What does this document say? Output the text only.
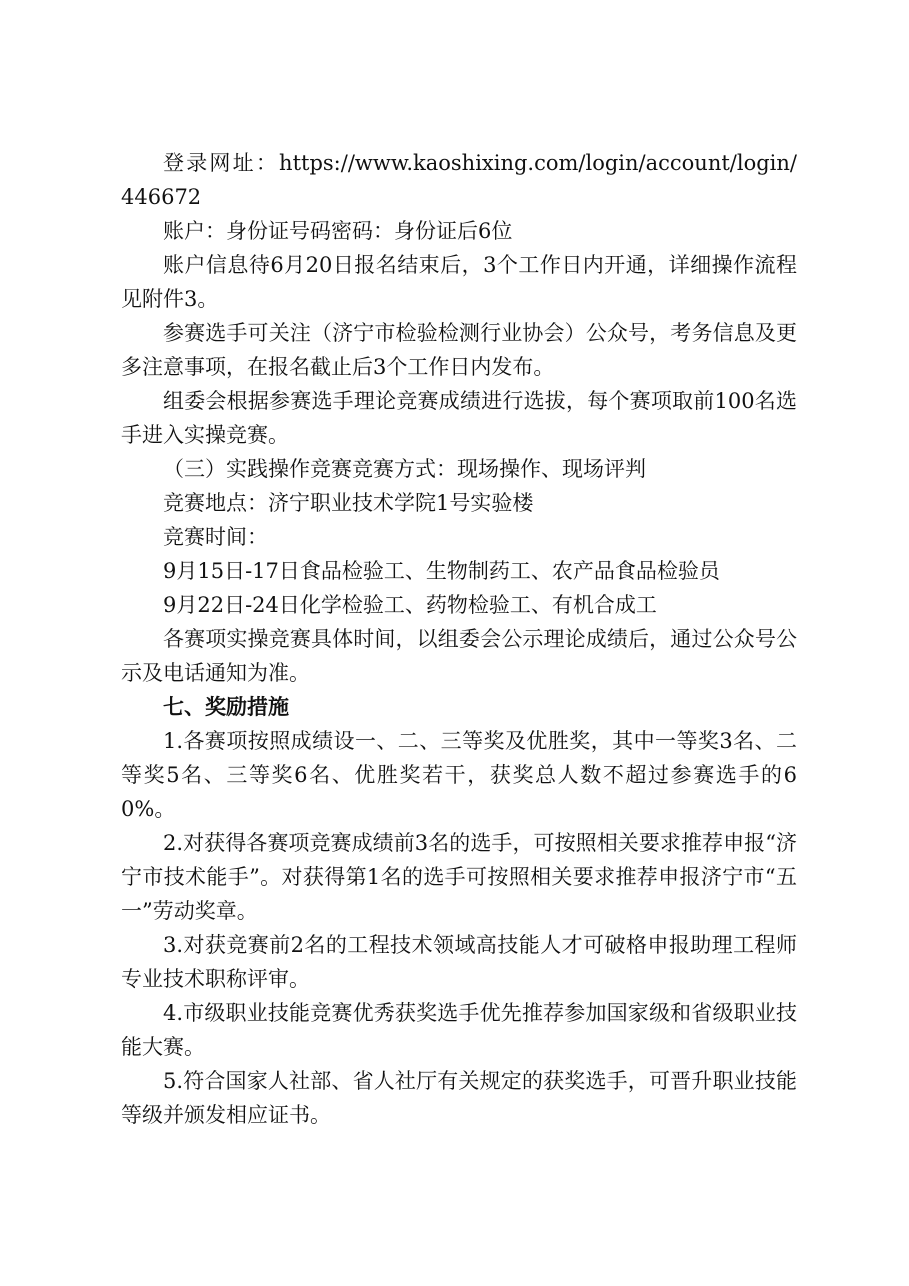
登录网址：https://www.kaoshixing.com/login/account/login/446672

账户：身份证号码密码：身份证后6位

账户信息待6月20日报名结束后，3个工作日内开通，详细操作流程见附件3。

参赛选手可关注（济宁市检验检测行业协会）公众号，考务信息及更多注意事项，在报名截止后3个工作日内发布。

组委会根据参赛选手理论竞赛成绩进行选拔，每个赛项取前100名选手进入实操竞赛。

（三）实践操作竞赛竞赛方式：现场操作、现场评判

竞赛地点：济宁职业技术学院1号实验楼

竞赛时间：

9月15日-17日食品检验工、生物制药工、农产品食品检验员

9月22日-24日化学检验工、药物检验工、有机合成工

各赛项实操竞赛具体时间，以组委会公示理论成绩后，通过公众号公示及电话通知为准。

七、奖励措施

1.各赛项按照成绩设一、二、三等奖及优胜奖，其中一等奖3名、二等奖5名、三等奖6名、优胜奖若干，获奖总人数不超过参赛选手的60%。

2.对获得各赛项竞赛成绩前3名的选手，可按照相关要求推荐申报“济宁市技术能手”。对获得第1名的选手可按照相关要求推荐申报济宁市“五一”劳动奖章。

3.对获竞赛前2名的工程技术领域高技能人才可破格申报助理工程师专业技术职称评审。

4.市级职业技能竞赛优秀获奖选手优先推荐参加国家级和省级职业技能大赛。

5.符合国家人社部、省人社厅有关规定的获奖选手，可晋升职业技能等级并颁发相应证书。
